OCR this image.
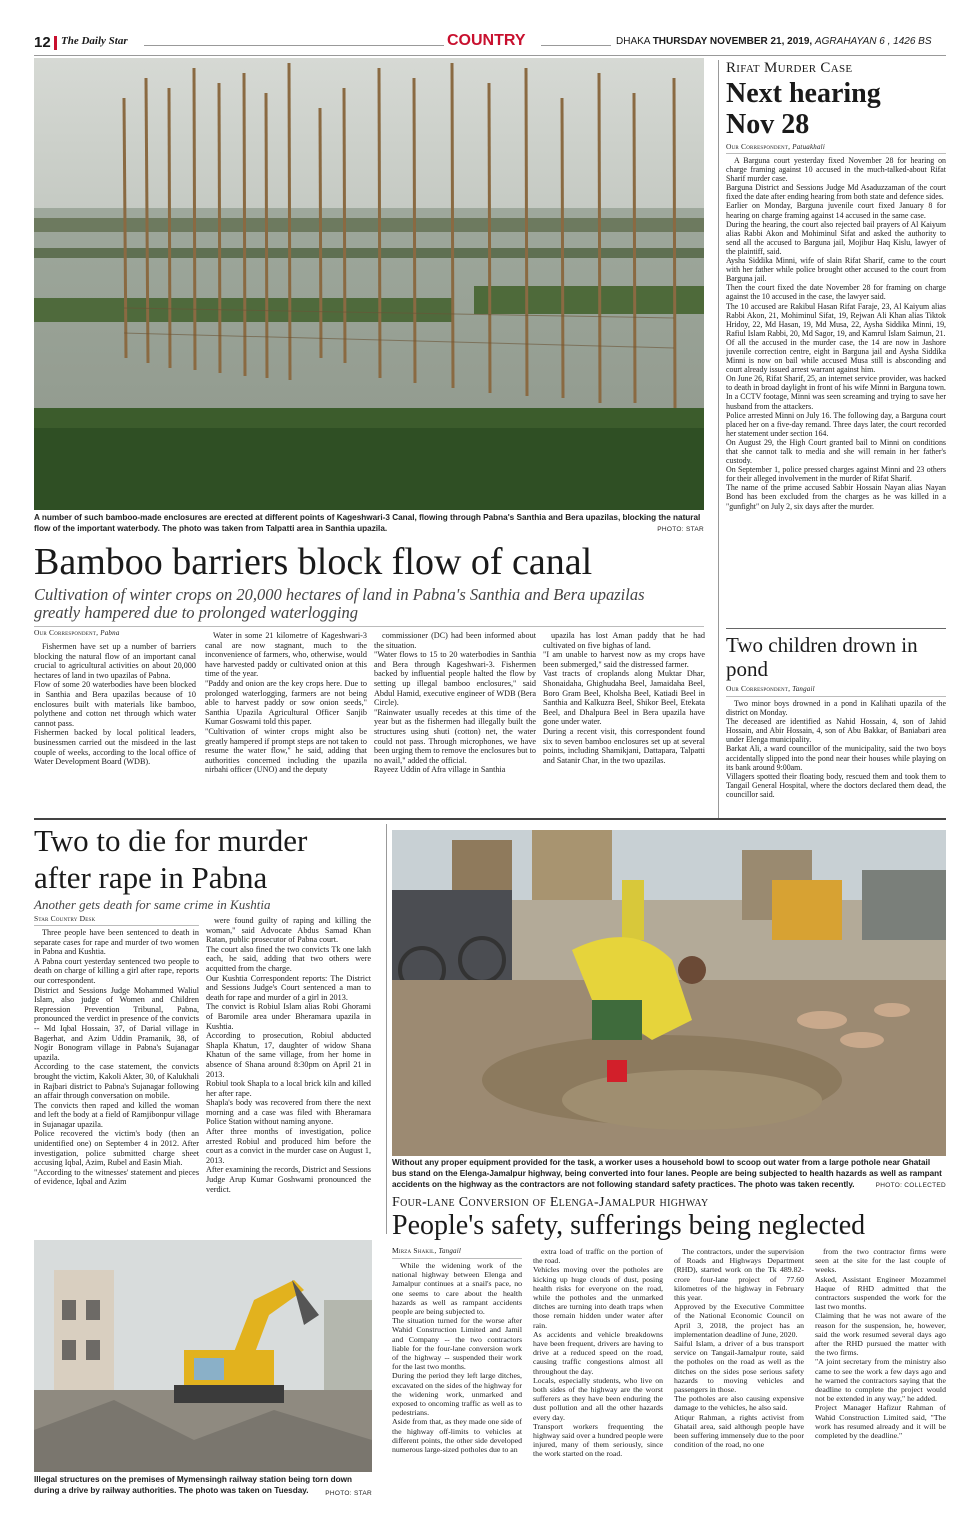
12 The Daily Star	COUNTRY	DHAKA THURSDAY NOVEMBER 21, 2019, AGRAHAYAN 6 , 1426 BS
A number of such bamboo-made enclosures are erected at different points of Kageshwari-3 Canal, flowing through Pabna's Santhia and Bera upazilas, blocking the natural flow of the important waterbody. The photo was taken from Talpatti area in Santhia upazila.	PHOTO: STAR
Bamboo barriers block flow of canal
Cultivation of winter crops on 20,000 hectares of land in Pabna's Santhia and Bera upazilas greatly hampered due to prolonged waterlogging
Our Correspondent, Pabna

Fishermen have set up a number of barriers blocking the natural flow of an important canal crucial to agricultural activities on about 20,000 hectares of land in two upazilas of Pabna.
Flow of some 20 waterbodies have been blocked in Santhia and Bera upazilas because of 10 enclosures built with materials like bamboo, polythene and cotton net through which water cannot pass.
Fishermen backed by local political leaders, businessmen carried out the misdeed in the last couple of weeks, according to the local office of Water Development Board (WDB).

Water in some 21 kilometre of Kageshwari-3 canal are now stagnant, much to the inconvenience of farmers, who, otherwise, would have harvested paddy or cultivated onion at this time of the year.
"Paddy and onion are the key crops here. Due to prolonged waterlogging, farmers are not being able to harvest paddy or sow onion seeds," Santhia Upazila Agricultural Officer Sanjib Kumar Goswami told this paper.
"Cultivation of winter crops might also be greatly hampered if prompt steps are not taken to resume the water flow," he said, adding that authorities concerned including the upazila nirbahi officer (UNO) and the deputy

commissioner (DC) had been informed about the situation.
"Water flows to 15 to 20 waterbodies in Santhia and Bera through Kageshwari-3. Fishermen backed by influential people halted the flow by setting up illegal bamboo enclosures," said Abdul Hamid, executive engineer of WDB (Bera Circle).
"Rainwater usually recedes at this time of the year but as the fishermen had illegally built the structures using shuti (cotton) net, the water could not pass. Through microphones, we have been urging them to remove the enclosures but to no avail," added the official.
Rayeez Uddin of Afra village in Santhia

upazila has lost Aman paddy that he had cultivated on five bighas of land.
"I am unable to harvest now as my crops have been submerged," said the distressed farmer.
Vast tracts of croplands along Muktar Dhar, Shonaidaha, Ghighudaha Beel, Jamaidaha Beel, Boro Gram Beel, Kholsha Beel, Katiadi Beel in Santhia and Kalkuzra Beel, Shikor Beel, Etekata Beel, and Dhalpura Beel in Bera upazila have gone under water.
During a recent visit, this correspondent found six to seven bamboo enclosures set up at several points, including Shamikjani, Dattapara, Talpatti and Satanir Char, in the two upazilas.

Rifat Murder Case
Next hearing Nov 28
Our Correspondent, Patuakhali

A Barguna court yesterday fixed November 28 for hearing on charge framing against 10 accused in the much-talked-about Rifat Sharif murder case.
Barguna District and Sessions Judge Md Asaduzzaman of the court fixed the date after ending hearing from both state and defence sides.
Earlier on Monday, Barguna juvenile court fixed January 8 for hearing on charge framing against 14 accused in the same case.
During the hearing, the court also rejected bail prayers of Al Kaiyum alias Rabbi Akon and Mohiminul Sifat and asked the authority to send all the accused to Barguna jail, Mojibur Haq Kislu, lawyer of the plaintiff, said.
Aysha Siddika Minni, wife of slain Rifat Sharif, came to the court with her father while police brought other accused to the court from Barguna jail.
Then the court fixed the date November 28 for framing on charge against the 10 accused in the case, the lawyer said.
The 10 accused are Rakibul Hasan Rifat Faraje, 23, Al Kaiyum alias Rabbi Akon, 21, Mohiminul Sifat, 19, Rejwan Ali Khan alias Tiktok Hridoy, 22, Md Hasan, 19, Md Musa, 22, Aysha Siddika Minni, 19, Rafiul Islam Rabbi, 20, Md Sagor, 19, and Kamrul Islam Saimun, 21.
Of all the accused in the murder case, the 14 are now in Jashore juvenile correction centre, eight in Barguna jail and Aysha Siddika Minni is now on bail while accused Musa still is absconding and court already issued arrest warrant against him.
On June 26, Rifat Sharif, 25, an internet service provider, was hacked to death in broad daylight in front of his wife Minni in Barguna town.
In a CCTV footage, Minni was seen screaming and trying to save her husband from the attackers.
Police arrested Minni on July 16. The following day, a Barguna court placed her on a five-day remand. Three days later, the court recorded her statement under section 164.
On August 29, the High Court granted bail to Minni on conditions that she cannot talk to media and she will remain in her father's custody.
On September 1, police pressed charges against Minni and 23 others for their alleged involvement in the murder of Rifat Sharif.
The name of the prime accused Sabbir Hossain Nayan alias Nayan Bond has been excluded from the charges as he was killed in a "gunfight" on July 2, six days after the murder.

Two children drown in pond
Our Correspondent, Tangail

Two minor boys drowned in a pond in Kalihati upazila of the district on Monday.
The deceased are identified as Nahid Hossain, 4, son of Jahid Hossain, and Abir Hossain, 4, son of Abu Bakkar, of Baniabari area under Elenga municipality.
Barkat Ali, a ward councillor of the municipality, said the two boys accidentally slipped into the pond near their houses while playing on its bank around 9:00am.
Villagers spotted their floating body, rescued them and took them to Tangail General Hospital, where the doctors declared them dead, the councillor said.

Two to die for murder after rape in Pabna
Another gets death for same crime in Kushtia
Star Country Desk

Three people have been sentenced to death in separate cases for rape and murder of two women in Pabna and Kushtia.
A Pabna court yesterday sentenced two people to death on charge of killing a girl after rape, reports our correspondent.
District and Sessions Judge Mohammed Waliul Islam, also judge of Women and Children Repression Prevention Tribunal, Pabna, pronounced the verdict in presence of the convicts -- Md Iqbal Hossain, 37, of Darial village in Bagerhat, and Azim Uddin Pramanik, 38, of Nogir Bonogram village in Pabna's Sujanagar upazila.
According to the case statement, the convicts brought the victim, Kakoli Akter, 30, of Kalukhali in Rajbari district to Pabna's Sujanagar following an affair through conversation on mobile.
The convicts then raped and killed the woman and left the body at a field of Ramjibonpur village in Sujanagar upazila.
Police recovered the victim's body (then an unidentified one) on September 4 in 2012. After investigation, police submitted charge sheet accusing Iqbal, Azim, Rubel and Easin Miah.
"According to the witnesses' statement and pieces of evidence, Iqbal and Azim

were found guilty of raping and killing the woman," said Advocate Abdus Samad Khan Ratan, public prosecutor of Pabna court.
The court also fined the two convicts Tk one lakh each, he said, adding that two others were acquitted from the charge.
Our Kushtia Correspondent reports: The District and Sessions Judge's Court sentenced a man to death for rape and murder of a girl in 2013.
The convict is Robiul Islam alias Robi Ghorami of Baromile area under Bheramara upazila in Kushtia.
According to prosecution, Robiul abducted Shapla Khatun, 17, daughter of widow Shana Khatun of the same village, from her home in absence of Shana around 8:30pm on April 21 in 2013.
Robiul took Shapla to a local brick kiln and killed her after rape.
Shapla's body was recovered from there the next morning and a case was filed with Bheramara Police Station without naming anyone.
After three months of investigation, police arrested Robiul and produced him before the court as a convict in the murder case on August 1, 2013.
After examining the records, District and Sessions Judge Arup Kumar Goshwami pronounced the verdict.

Without any proper equipment provided for the task, a worker uses a household bowl to scoop out water from a large pothole near Ghatail bus stand on the Elenga-Jamalpur highway, being converted into four lanes. People are being subjected to health hazards as well as rampant accidents on the highway as the contractors are not following standard safety practices. The photo was taken recently.	PHOTO: COLLECTED
Four-lane Conversion of Elenga-Jamalpur highway
People's safety, sufferings being neglected
Mirza Shakil, Tangail

While the widening work of the national highway between Elenga and Jamalpur continues at a snail's pace, no one seems to care about the health hazards as well as rampant accidents people are being subjected to.
The situation turned for the worse after Wahid Construction Limited and Jamil and Company -- the two contractors liable for the four-lane conversion work of the highway -- suspended their work for the last two months.
During the period they left large ditches, excavated on the sides of the highway for the widening work, unmarked and exposed to oncoming traffic as well as to pedestrians.
Aside from that, as they made one side of the highway off-limits to vehicles at different points, the other side developed numerous large-sized potholes due to an

extra load of traffic on the portion of the road.
Vehicles moving over the potholes are kicking up huge clouds of dust, posing health risks for everyone on the road, while the potholes and the unmarked ditches are turning into death traps when those remain hidden under water after rain.
As accidents and vehicle breakdowns have been frequent, drivers are having to drive at a reduced speed on the road, causing traffic congestions almost all throughout the day.
Locals, especially students, who live on both sides of the highway are the worst sufferers as they have been enduring the dust pollution and all the other hazards every day.
Transport workers frequenting the highway said over a hundred people were injured, many of them seriously, since the work started on the road.

The contractors, under the supervision of Roads and Highways Department (RHD), started work on the Tk 489.82-crore four-lane project of 77.60 kilometres of the highway in February this year.
Approved by the Executive Committee of the National Economic Council on April 3, 2018, the project has an implementation deadline of June, 2020.
Saiful Islam, a driver of a bus transport service on Tangail-Jamalpur route, said the potholes on the road as well as the ditches on the sides pose serious safety hazards to moving vehicles and passengers in those.
The potholes are also causing expensive damage to the vehicles, he also said.
Atiqur Rahman, a rights activist from Ghatail area, said although people have been suffering immensely due to the poor condition of the road, no one

from the two contractor firms were seen at the site for the last couple of weeks.
Asked, Assistant Engineer Mozammel Haque of RHD admitted that the contractors suspended the work for the last two months.
Claiming that he was not aware of the reason for the suspension, he, however, said the work resumed several days ago after the RHD pursued the matter with the two firms.
"A joint secretary from the ministry also came to see the work a few days ago and he warned the contractors saying that the deadline to complete the project would not be extended in any way," he added.
Project Manager Hafizur Rahman of Wahid Construction Limited said, "The work has resumed already and it will be completed by the deadline."

Illegal structures on the premises of Mymensingh railway station being torn down during a drive by railway authorities. The photo was taken on Tuesday.	PHOTO: STAR
